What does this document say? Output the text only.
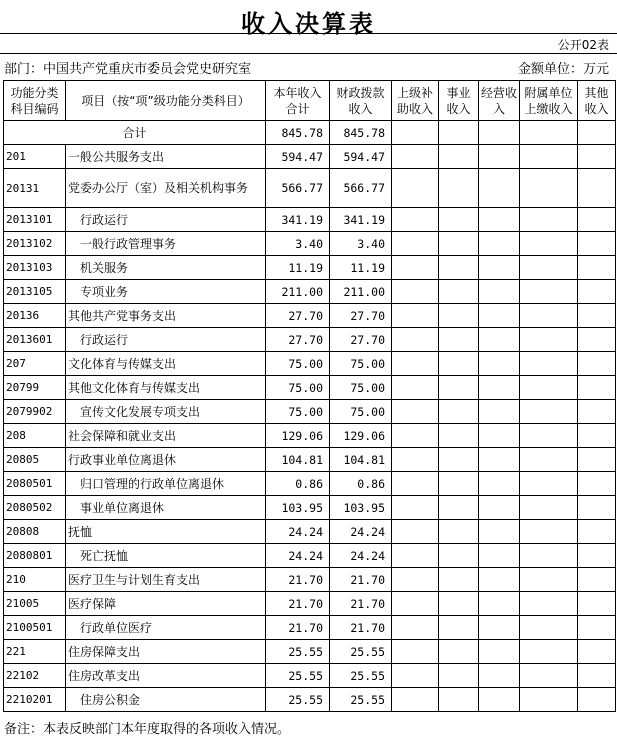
收入决算表
公开02表
部门：中国共产党重庆市委员会党史研究室	金额单位：万元
功能分类科目编码	项目（按“项”级功能分类科目）	本年收入合计	财政拨款收入	上级补助收入	事业收入	经营收入	附属单位上缴收入	其他收入
合计		845.78	845.78					
201	一般公共服务支出	594.47	594.47					
20131	党委办公厅（室）及相关机构事务	566.77	566.77					
2013101	行政运行	341.19	341.19					
2013102	一般行政管理事务	3.40	3.40					
2013103	机关服务	11.19	11.19					
2013105	专项业务	211.00	211.00					
20136	其他共产党事务支出	27.70	27.70					
2013601	行政运行	27.70	27.70					
207	文化体育与传媒支出	75.00	75.00					
20799	其他文化体育与传媒支出	75.00	75.00					
2079902	宣传文化发展专项支出	75.00	75.00					
208	社会保障和就业支出	129.06	129.06					
20805	行政事业单位离退休	104.81	104.81					
2080501	归口管理的行政单位离退休	0.86	0.86					
2080502	事业单位离退休	103.95	103.95					
20808	抚恤	24.24	24.24					
2080801	死亡抚恤	24.24	24.24					
210	医疗卫生与计划生育支出	21.70	21.70					
21005	医疗保障	21.70	21.70					
2100501	行政单位医疗	21.70	21.70					
221	住房保障支出	25.55	25.55					
22102	住房改革支出	25.55	25.55					
2210201	住房公积金	25.55	25.55					
备注：本表反映部门本年度取得的各项收入情况。
